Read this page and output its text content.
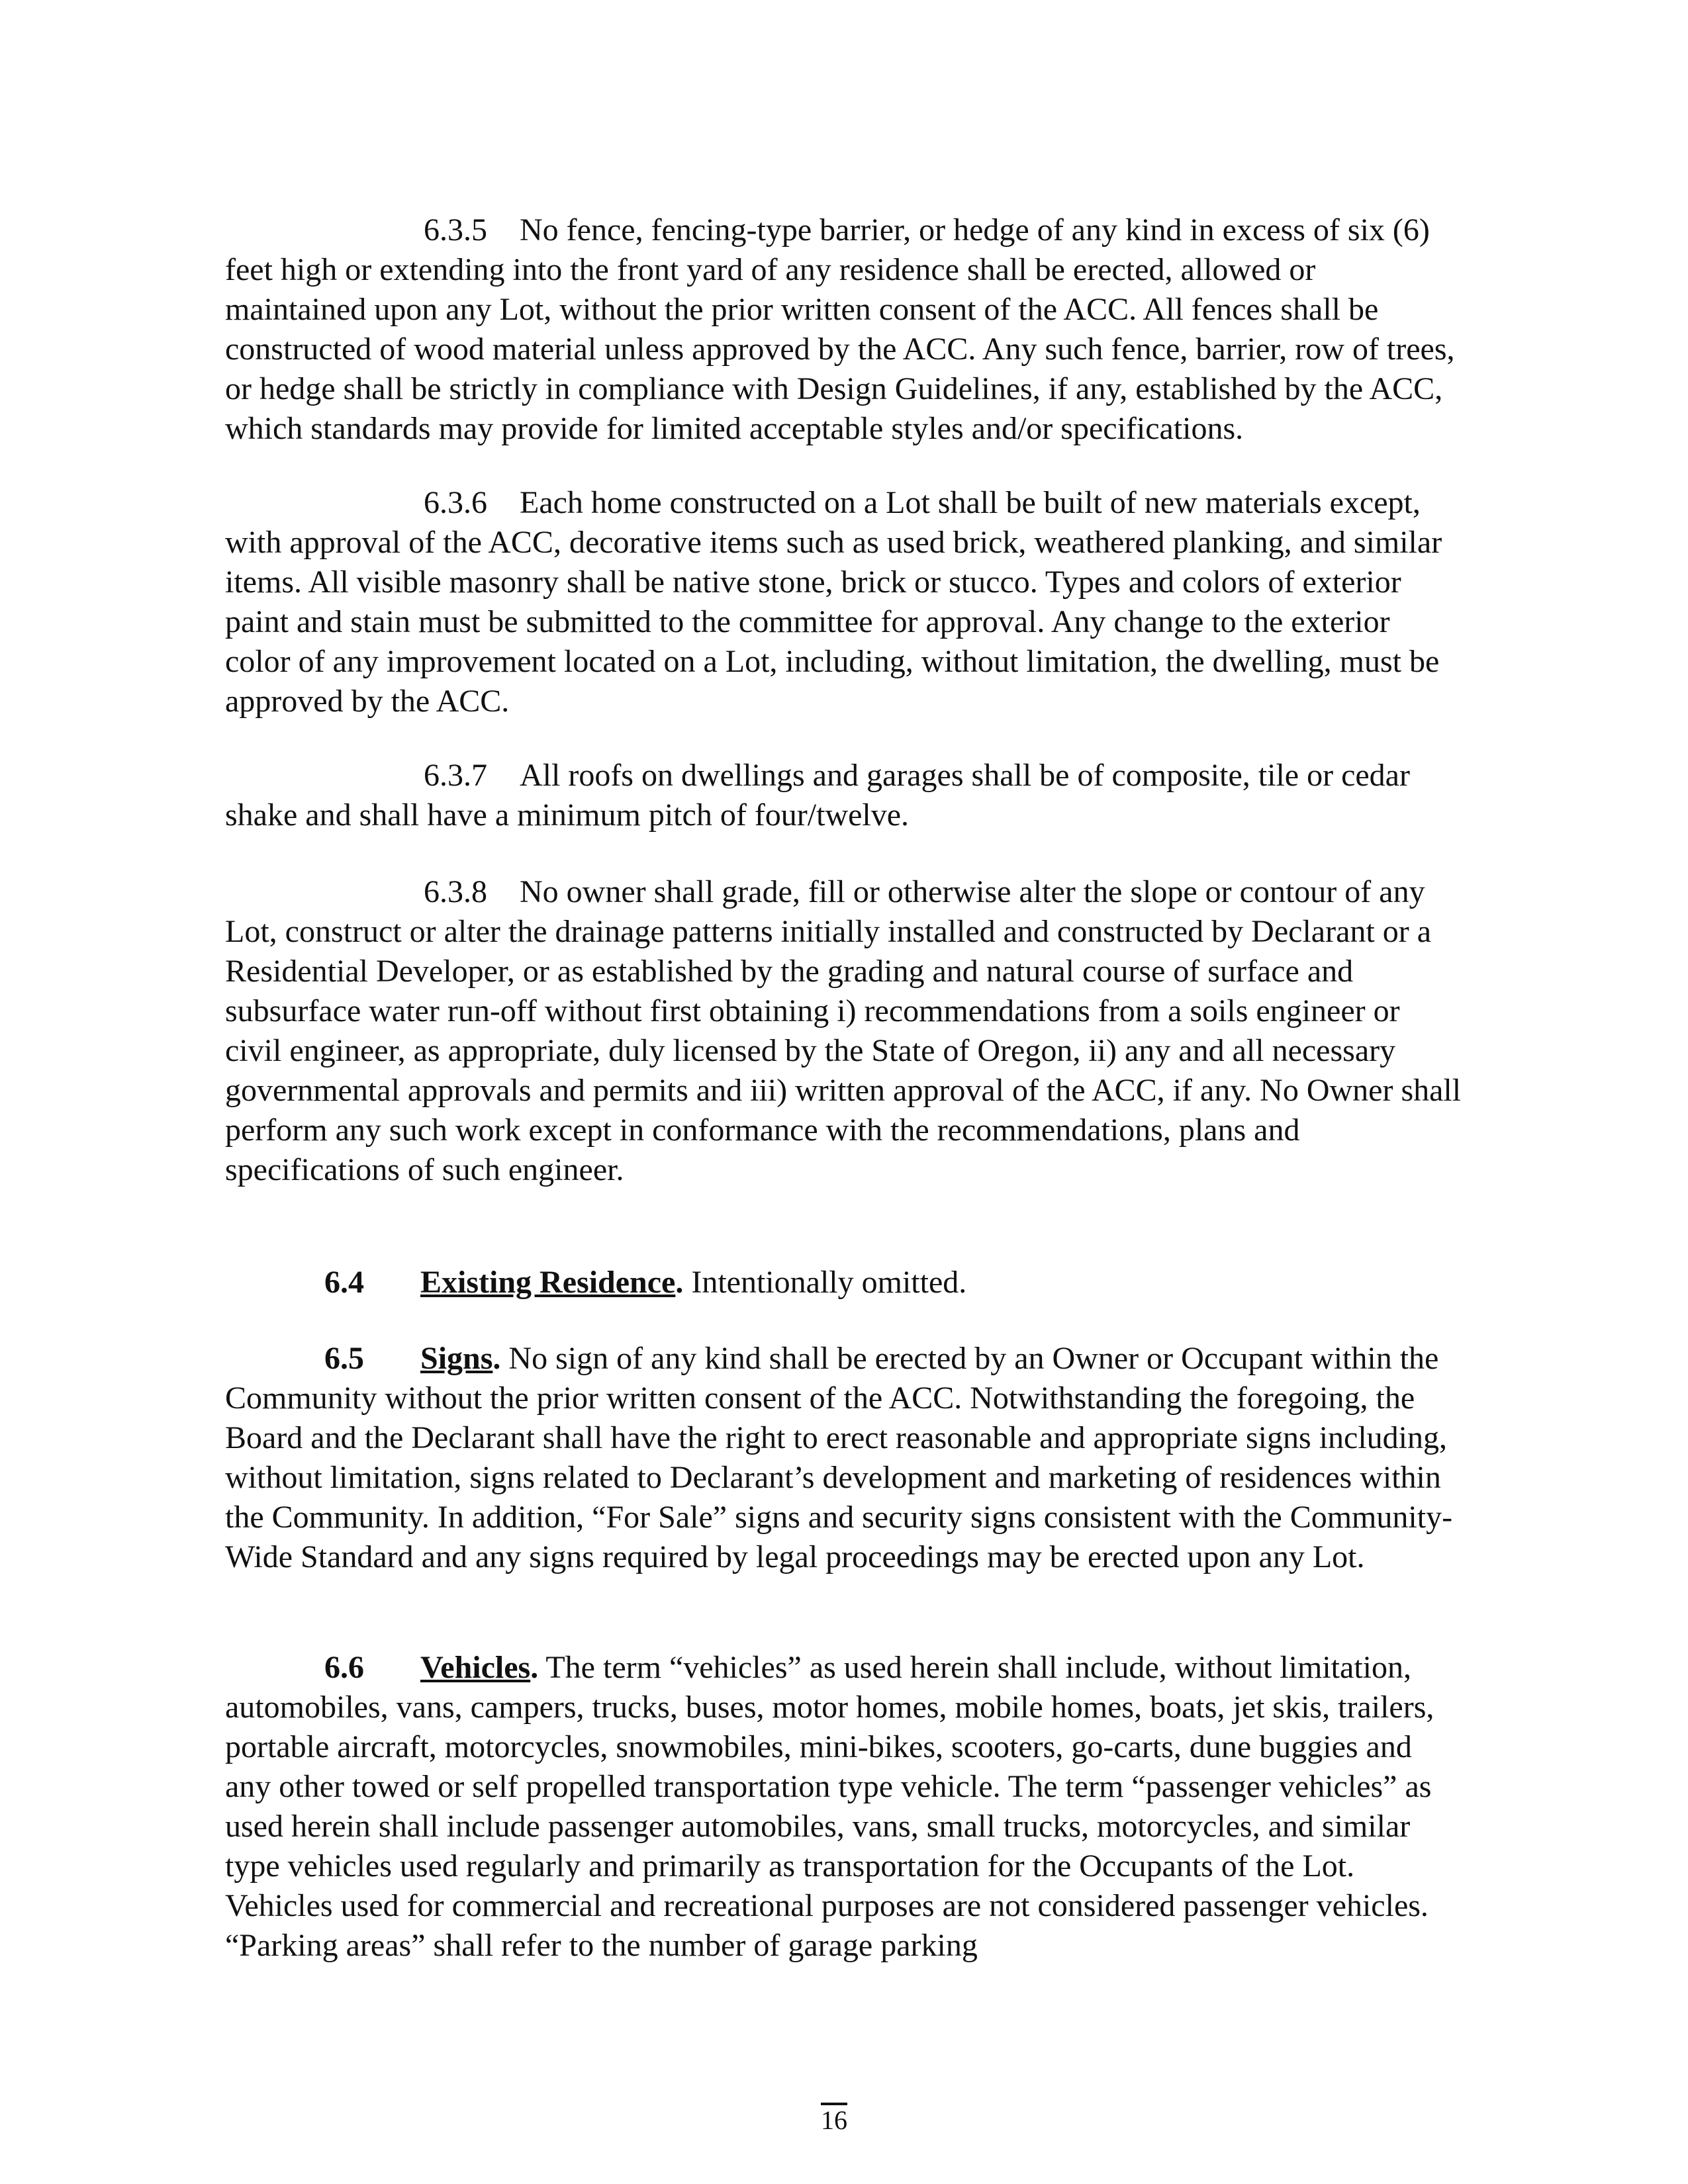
6.3.5 No fence, fencing-type barrier, or hedge of any kind in excess of six (6) feet high or extending into the front yard of any residence shall be erected, allowed or maintained upon any Lot, without the prior written consent of the ACC. All fences shall be constructed of wood material unless approved by the ACC. Any such fence, barrier, row of trees, or hedge shall be strictly in compliance with Design Guidelines, if any, established by the ACC, which standards may provide for limited acceptable styles and/or specifications.

6.3.6 Each home constructed on a Lot shall be built of new materials except, with approval of the ACC, decorative items such as used brick, weathered planking, and similar items. All visible masonry shall be native stone, brick or stucco. Types and colors of exterior paint and stain must be submitted to the committee for approval. Any change to the exterior color of any improvement located on a Lot, including, without limitation, the dwelling, must be approved by the ACC.

6.3.7 All roofs on dwellings and garages shall be of composite, tile or cedar shake and shall have a minimum pitch of four/twelve.

6.3.8 No owner shall grade, fill or otherwise alter the slope or contour of any Lot, construct or alter the drainage patterns initially installed and constructed by Declarant or a Residential Developer, or as established by the grading and natural course of surface and subsurface water run-off without first obtaining i) recommendations from a soils engineer or civil engineer, as appropriate, duly licensed by the State of Oregon, ii) any and all necessary governmental approvals and permits and iii) written approval of the ACC, if any. No Owner shall perform any such work except in conformance with the recommendations, plans and specifications of such engineer.

6.4 Existing Residence. Intentionally omitted.

6.5 Signs. No sign of any kind shall be erected by an Owner or Occupant within the Community without the prior written consent of the ACC. Notwithstanding the foregoing, the Board and the Declarant shall have the right to erect reasonable and appropriate signs including, without limitation, signs related to Declarant’s development and marketing of residences within the Community. In addition, “For Sale” signs and security signs consistent with the Community-Wide Standard and any signs required by legal proceedings may be erected upon any Lot.

6.6 Vehicles. The term “vehicles” as used herein shall include, without limitation, automobiles, vans, campers, trucks, buses, motor homes, mobile homes, boats, jet skis, trailers, portable aircraft, motorcycles, snowmobiles, mini-bikes, scooters, go-carts, dune buggies and any other towed or self propelled transportation type vehicle. The term “passenger vehicles” as used herein shall include passenger automobiles, vans, small trucks, motorcycles, and similar type vehicles used regularly and primarily as transportation for the Occupants of the Lot. Vehicles used for commercial and recreational purposes are not considered passenger vehicles. “Parking areas” shall refer to the number of garage parking

16
